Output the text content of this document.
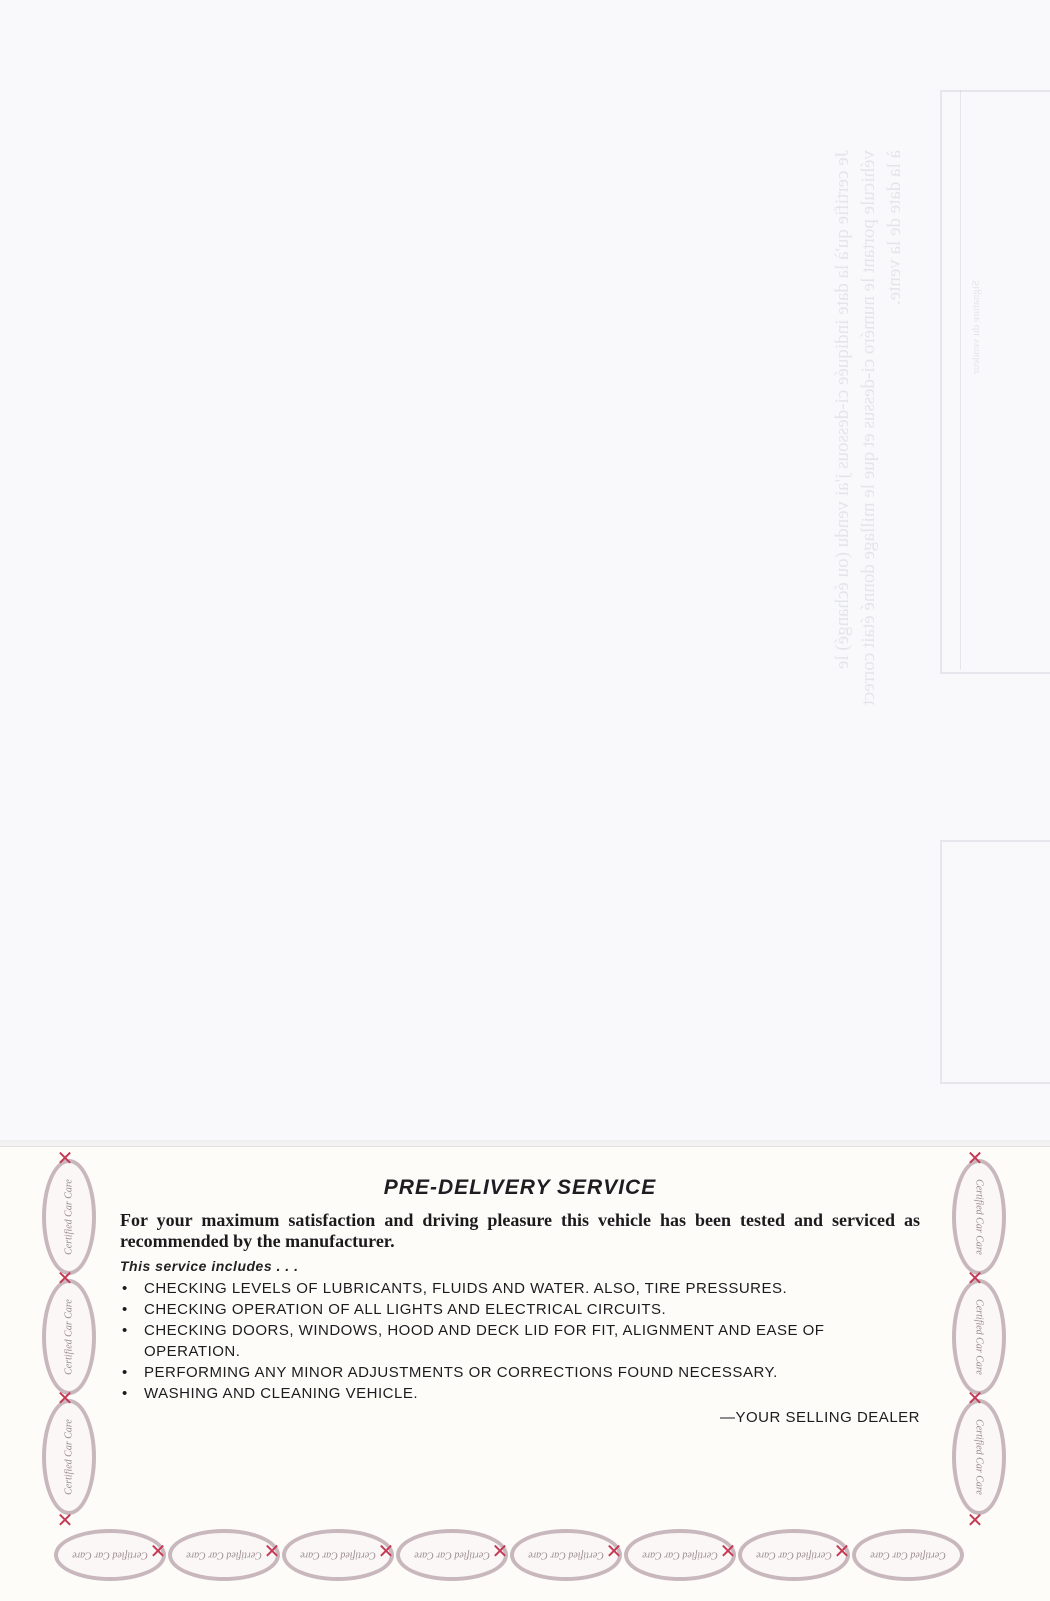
Je certifie qu'à la date indiquée ci-dessous j'ai vendu (ou échangé) le véhicule portant le numéro ci-dessus et que le millage donné était correct à la date de la vente.
Signature du vendeur
Certified Car Care
Certified Car Care
Certified Car Care
Certified Car Care
Certified Car Care
Certified Car Care
Certified Car Care	Certified Car Care	Certified Car Care	Certified Car Care	Certified Car Care	Certified Car Care	Certified Car Care	Certified Car Care
✕
✕
✕
✕
✕
✕
✕
✕
✕	✕	✕	✕	✕	✕	✕
PRE-DELIVERY SERVICE

For your maximum satisfaction and driving pleasure this vehicle has been tested and serviced as recommended by the manufacturer.

This service includes . . .
• CHECKING LEVELS OF LUBRICANTS, FLUIDS AND WATER. ALSO, TIRE PRESSURES.
• CHECKING OPERATION OF ALL LIGHTS AND ELECTRICAL CIRCUITS.
• CHECKING DOORS, WINDOWS, HOOD AND DECK LID FOR FIT, ALIGNMENT AND EASE OF OPERATION.
• PERFORMING ANY MINOR ADJUSTMENTS OR CORRECTIONS FOUND NECESSARY.
• WASHING AND CLEANING VEHICLE.
—YOUR SELLING DEALER
